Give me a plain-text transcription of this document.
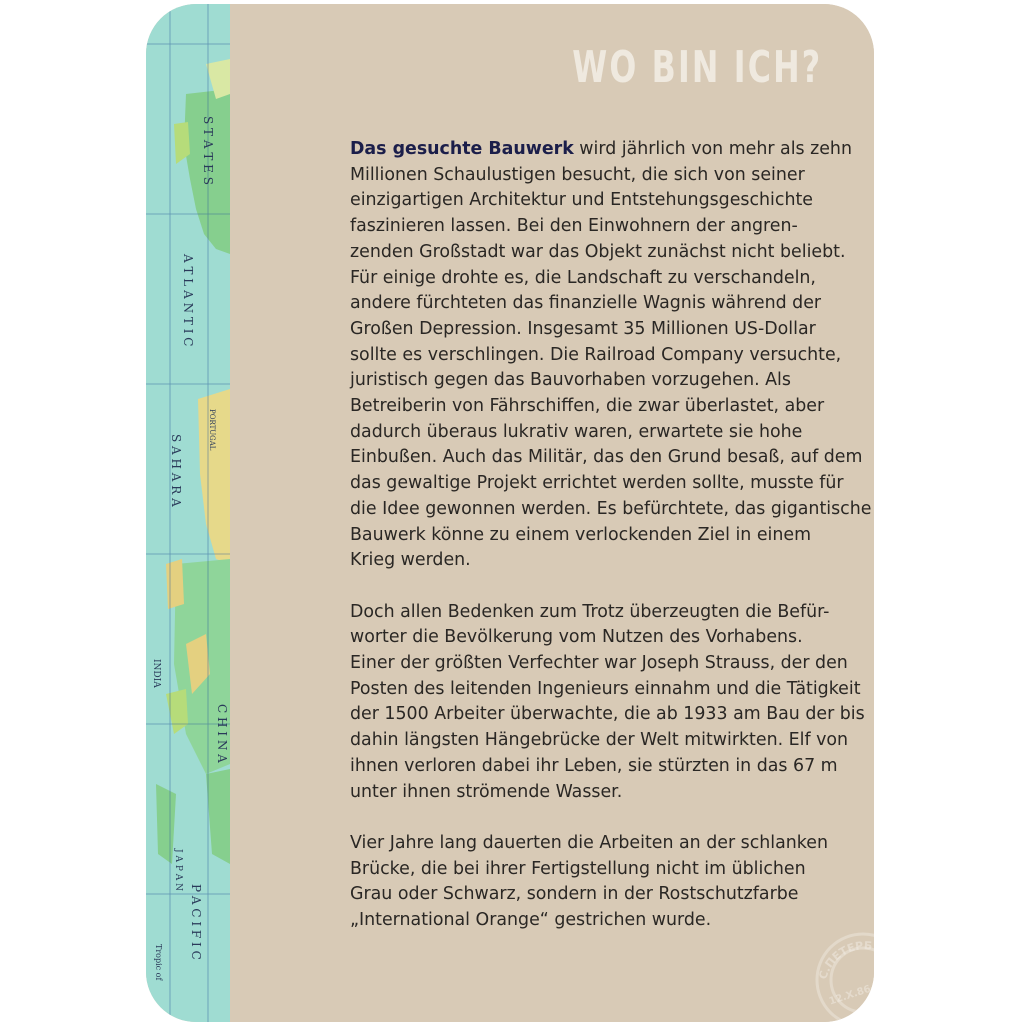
S T A T E S
A T L A N T I C
S A H A R A
C H I N A
P A C I F I C
J A P A N
INDIA
PORTUGAL
Tropic of
WO BIN ICH?

Das gesuchte Bauwerk wird jährlich von mehr als zehn
Millionen Schaulustigen besucht, die sich von seiner
einzigartigen Architektur und Entstehungsgeschichte
faszinieren lassen. Bei den Einwohnern der angren-
zenden Großstadt war das Objekt zunächst nicht beliebt.
Für einige drohte es, die Landschaft zu verschandeln,
andere fürchteten das finanzielle Wagnis während der
Großen Depression. Insgesamt 35 Millionen US-Dollar
sollte es verschlingen. Die Railroad Company versuchte,
juristisch gegen das Bauvorhaben vorzugehen. Als
Betreiberin von Fährschiffen, die zwar überlastet, aber
dadurch überaus lukrativ waren, erwartete sie hohe
Einbußen. Auch das Militär, das den Grund besaß, auf dem
das gewaltige Projekt errichtet werden sollte, musste für
die Idee gewonnen werden. Es befürchtete, das gigantische
Bauwerk könne zu einem verlockenden Ziel in einem
Krieg werden.

Doch allen Bedenken zum Trotz überzeugten die Befür-
worter die Bevölkerung vom Nutzen des Vorhabens.
Einer der größten Verfechter war Joseph Strauss, der den
Posten des leitenden Ingenieurs einnahm und die Tätigkeit
der 1500 Arbeiter überwachte, die ab 1933 am Bau der bis
dahin längsten Hängebrücke der Welt mitwirkten. Elf von
ihnen verloren dabei ihr Leben, sie stürzten in das 67 m
unter ihnen strömende Wasser.

Vier Jahre lang dauerten die Arbeiten an der schlanken
Brücke, die bei ihrer Fertigstellung nicht im üblichen
Grau oder Schwarz, sondern in der Rostschutzfarbe
„International Orange“ gestrichen wurde.

С.ПЕТЕРБУРГ
12.X.86-2.4.
